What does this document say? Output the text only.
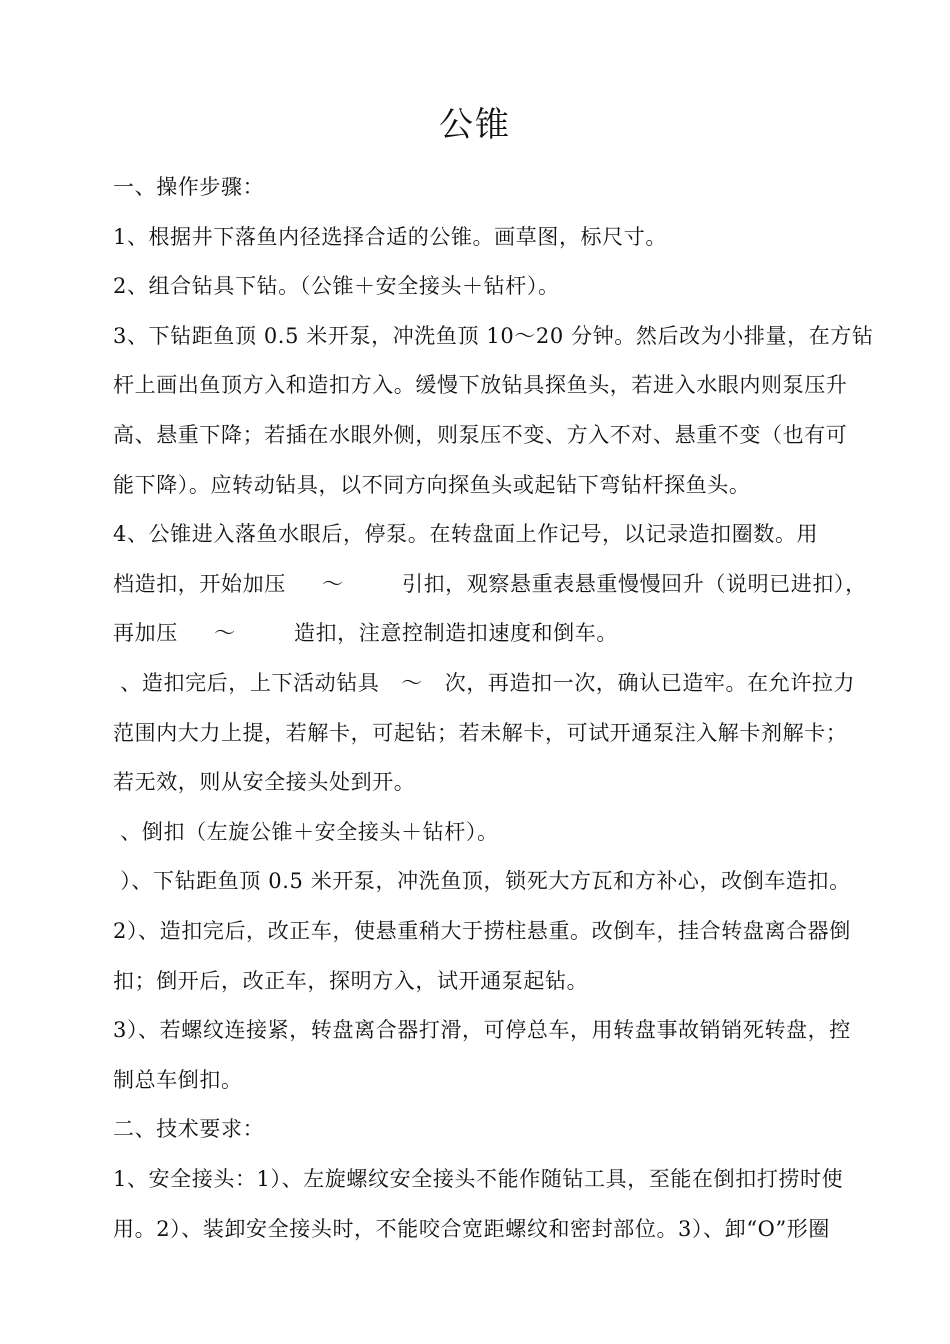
公锥
一、操作步骤：
1、根据井下落鱼内径选择合适的公锥。画草图，标尺寸。
2、组合钻具下钻。（公锥＋安全接头＋钻杆）。
3、下钻距鱼顶 0.5 米开泵，冲洗鱼顶 10～20 分钟。然后改为小排量，在方钻
杆上画出鱼顶方入和造扣方入。缓慢下放钻具探鱼头，若进入水眼内则泵压升
高、悬重下降；若插在水眼外侧，则泵压不变、方入不对、悬重不变（也有可
能下降）。应转动钻具，以不同方向探鱼头或起钻下弯钻杆探鱼头。
4、公锥进入落鱼水眼后，停泵。在转盘面上作记号，以记录造扣圈数。用
档造扣，开始加压     ～        引扣，观察悬重表悬重慢慢回升（说明已进扣），
再加压     ～        造扣，注意控制造扣速度和倒车。
、造扣完后，上下活动钻具   ～   次，再造扣一次，确认已造牢。在允许拉力
范围内大力上提，若解卡，可起钻；若未解卡，可试开通泵注入解卡剂解卡；
若无效，则从安全接头处到开。
、倒扣（左旋公锥＋安全接头＋钻杆）。
）、下钻距鱼顶 0.5 米开泵，冲洗鱼顶，锁死大方瓦和方补心，改倒车造扣。
2）、造扣完后，改正车，使悬重稍大于捞柱悬重。改倒车，挂合转盘离合器倒
扣；倒开后，改正车，探明方入，试开通泵起钻。
3）、若螺纹连接紧，转盘离合器打滑，可停总车，用转盘事故销销死转盘，控
制总车倒扣。
二、技术要求：
1、安全接头：1）、左旋螺纹安全接头不能作随钻工具，至能在倒扣打捞时使
用。2）、装卸安全接头时，不能咬合宽距螺纹和密封部位。3）、卸“O”形圈
